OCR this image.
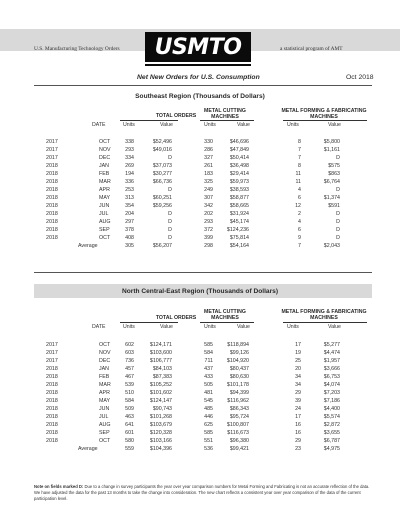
U.S. Manufacturing Technology Orders	USMTO	a statistical program of AMT
Net New Orders for U.S. Consumption	Oct 2018
Southeast Region (Thousands of Dollars)
TOTAL ORDERS
METAL CUTTING MACHINES
METAL FORMING & FABRICATING MACHINES
DATE	Units	Value	Units	Value	Units	Value
2017	OCT	338	$52,496	330	$46,696	8	$5,800
2017	NOV	293	$49,016	286	$47,849	7	$1,161
2017	DEC	334	D	327	$50,414	7	D
2018	JAN	269	$37,073	261	$36,498	8	$575
2018	FEB	194	$30,277	183	$29,414	11	$863
2018	MAR	336	$66,736	325	$59,973	11	$6,764
2018	APR	253	D	249	$38,593	4	D
2018	MAY	313	$60,251	307	$58,877	6	$1,374
2018	JUN	354	$59,256	342	$58,665	12	$591
2018	JUL	204	D	202	$31,924	2	D
2018	AUG	297	D	293	$45,174	4	D
2018	SEP	378	D	372	$124,236	6	D
2018	OCT	408	D	399	$75,814	9	D
Average	305	$56,207	298	$54,164	7	$2,043
North Central-East Region (Thousands of Dollars)
TOTAL ORDERS
METAL CUTTING MACHINES
METAL FORMING & FABRICATING MACHINES
DATE	Units	Value	Units	Value	Units	Value
2017	OCT	602	$124,171	585	$118,894	17	$5,277
2017	NOV	603	$103,600	584	$99,126	19	$4,474
2017	DEC	736	$106,777	711	$104,920	25	$1,957
2018	JAN	457	$84,103	437	$80,437	20	$3,666
2018	FEB	467	$87,383	433	$80,630	34	$6,753
2018	MAR	539	$105,252	505	$101,178	34	$4,074
2018	APR	510	$101,602	481	$94,399	29	$7,203
2018	MAY	584	$124,147	545	$116,962	39	$7,186
2018	JUN	509	$90,743	485	$86,343	24	$4,400
2018	JUL	463	$101,268	446	$95,724	17	$5,574
2018	AUG	641	$103,679	625	$100,807	16	$2,872
2018	SEP	601	$120,328	585	$116,673	16	$3,655
2018	OCT	580	$103,166	551	$96,380	29	$6,787
Average	559	$104,396	536	$99,421	23	$4,975
Note on fields marked D: Due to a change in survey participants the year over year comparison numbers for Metal Forming and Fabricating is not an accurate reflection of the data. We have adjusted the data for the past 13 months to take the change into consideration. The new chart reflects a consistent year over year comparison of the data of the current participation level.
